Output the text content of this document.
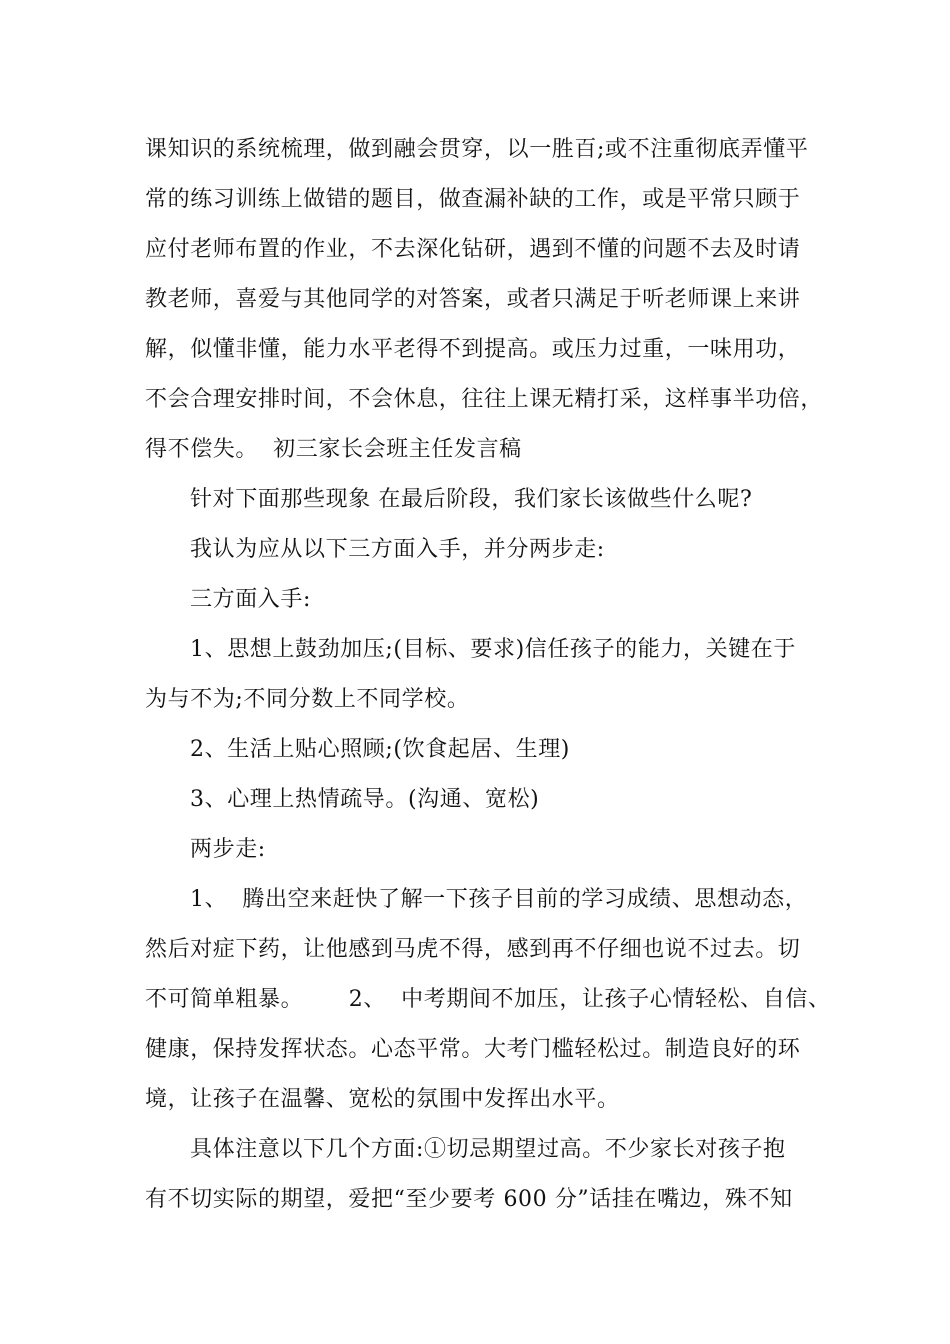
课知识的系统梳理，做到融会贯穿，以一胜百;或不注重彻底弄懂平
常的练习训练上做错的题目，做查漏补缺的工作，或是平常只顾于
应付老师布置的作业，不去深化钻研，遇到不懂的问题不去及时请
教老师，喜爱与其他同学的对答案，或者只满足于听老师课上来讲
解，似懂非懂，能力水平老得不到提高。或压力过重，一味用功，
不会合理安排时间，不会休息，往往上课无精打采，这样事半功倍，
得不偿失。  初三家长会班主任发言稿
针对下面那些现象 在最后阶段，我们家长该做些什么呢?
我认为应从以下三方面入手，并分两步走:
三方面入手:
1、思想上鼓劲加压;(目标、要求)信任孩子的能力，关键在于
为与不为;不同分数上不同学校。
2、生活上贴心照顾;(饮食起居、生理)
3、心理上热情疏导。(沟通、宽松)
两步走:
1、  腾出空来赶快了解一下孩子目前的学习成绩、思想动态，
然后对症下药，让他感到马虎不得，感到再不仔细也说不过去。切
不可简单粗暴。      2、  中考期间不加压，让孩子心情轻松、自信、
健康，保持发挥状态。心态平常。大考门槛轻松过。制造良好的环
境，让孩子在温馨、宽松的氛围中发挥出水平。
具体注意以下几个方面:①切忌期望过高。不少家长对孩子抱
有不切实际的期望，爱把“至少要考 600 分”话挂在嘴边，殊不知
